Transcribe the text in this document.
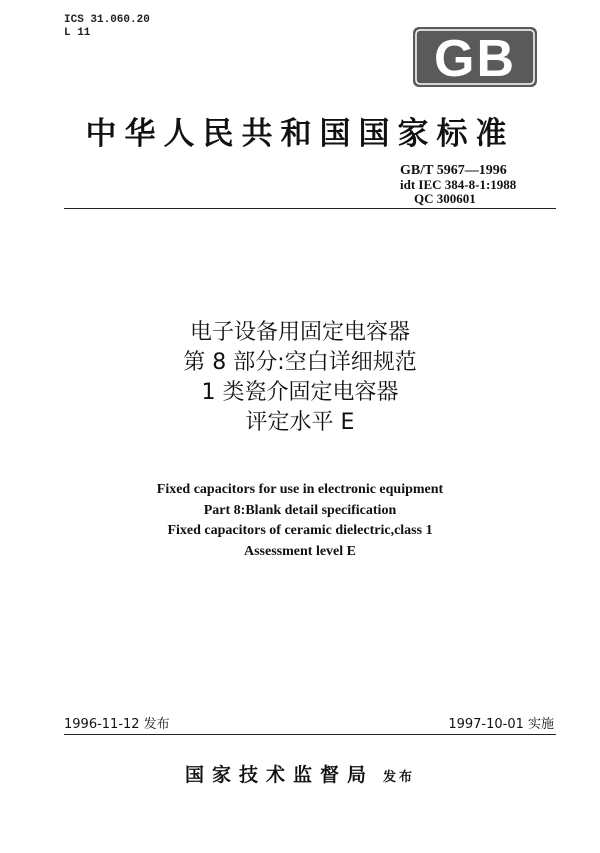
ICS 31.060.20
L 11	GB
中华人民共和国国家标准
GB/T 5967—1996
idt IEC 384-8-1:1988
QC 300601
电子设备用固定电容器
第 8 部分:空白详细规范
1 类瓷介固定电容器
评定水平 E
Fixed capacitors for use in electronic equipment
Part 8:Blank detail specification
Fixed capacitors of ceramic dielectric,class 1
Assessment level E
1996-11-12 发布	1997-10-01 实施
国家技术监督局 发布
